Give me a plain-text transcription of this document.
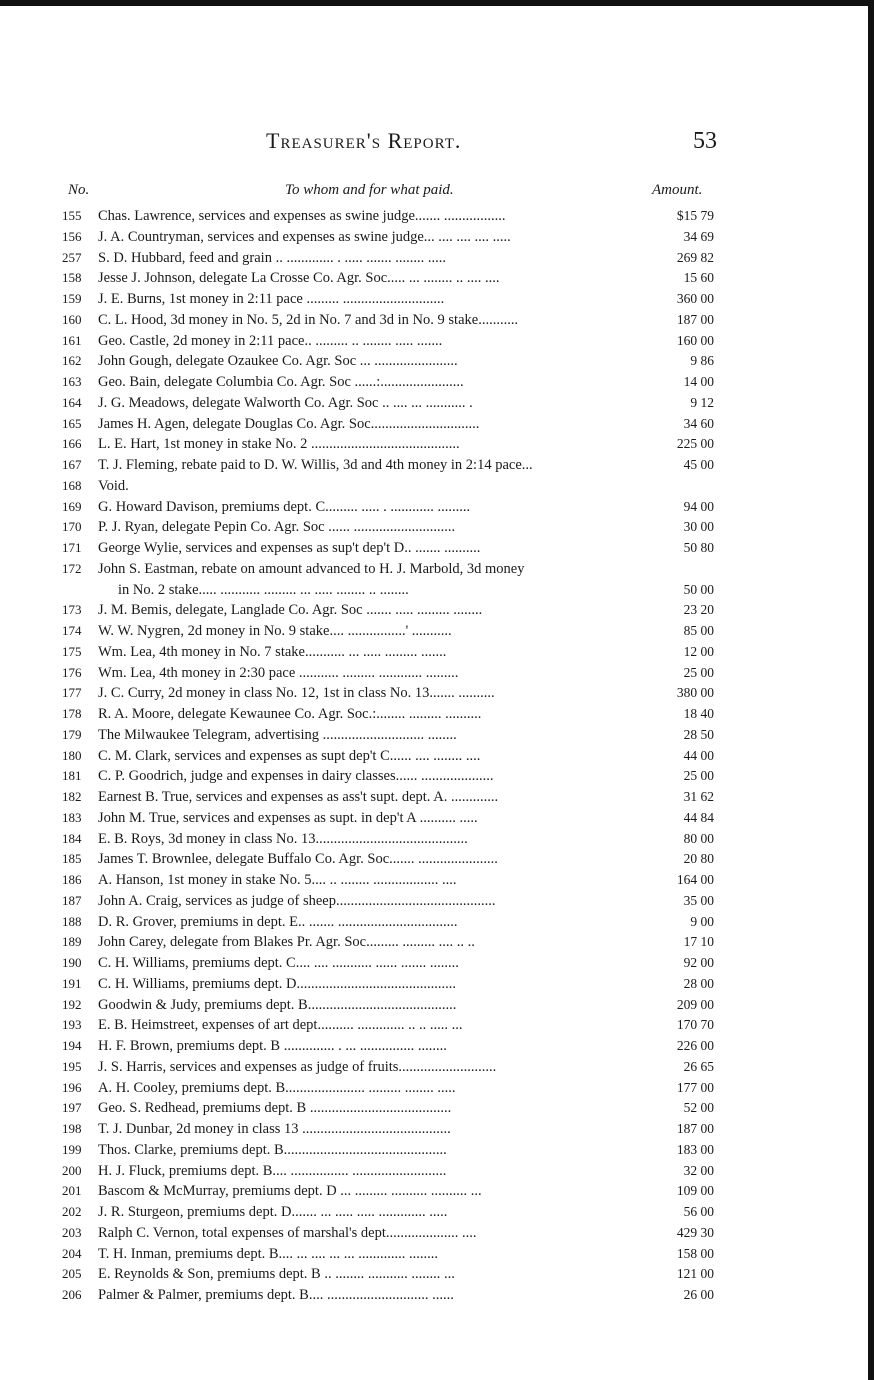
Treasurer's Report.	53
No.	To whom and for what paid.	Amount.
155	Chas. Lawrence, services and expenses as swine judge....... .................	$15 79
156	J. A. Countryman, services and expenses as swine judge... .... .... .... .....	34 69
257	S. D. Hubbard, feed and grain .. ............. . ..... ....... ........ .....	269 82
158	Jesse J. Johnson, delegate La Crosse Co. Agr. Soc..... ... ........ .. .... ....	15 60
159	J. E. Burns, 1st money in 2:11 pace ......... ............................	360 00
160	C. L. Hood, 3d money in No. 5, 2d in No. 7 and 3d in No. 9 stake...........	187 00
161	Geo. Castle, 2d money in 2:11 pace.. ......... .. ........ ..... .......	160 00
162	John Gough, delegate Ozaukee Co. Agr. Soc ... .......................	9 86
163	Geo. Bain, delegate Columbia Co. Agr. Soc ......:.......................	14 00
164	J. G. Meadows, delegate Walworth Co. Agr. Soc .. .... ... ........... .	9 12
165	James H. Agen, delegate Douglas Co. Agr. Soc..............................	34 60
166	L. E. Hart, 1st money in stake No. 2 .........................................	225 00
167	T. J. Fleming, rebate paid to D. W. Willis, 3d and 4th money in 2:14 pace...	45 00
168	Void.
169	G. Howard Davison, premiums dept. C......... ..... . ............ .........	94 00
170	P. J. Ryan, delegate Pepin Co. Agr. Soc ...... ............................	30 00
171	George Wylie, services and expenses as sup't dep't D.. ....... ..........	50 80
172	John S. Eastman, rebate on amount advanced to H. J. Marbold, 3d money
in No. 2 stake..... ........... ......... ... ..... ........ .. ........	50 00
173	J. M. Bemis, delegate, Langlade Co. Agr. Soc ....... ..... ......... ........	23 20
174	W. W. Nygren, 2d money in No. 9 stake.... ................' ...........	85 00
175	Wm. Lea, 4th money in No. 7 stake........... ... ..... ......... .......	12 00
176	Wm. Lea, 4th money in 2:30 pace ........... ......... ............ .........	25 00
177	J. C. Curry, 2d money in class No. 12, 1st in class No. 13....... ..........	380 00
178	R. A. Moore, delegate Kewaunee Co. Agr. Soc.:........ ......... ..........	18 40
179	The Milwaukee Telegram, advertising ............................ ........	28 50
180	C. M. Clark, services and expenses as supt dep't C...... .... ........ ....	44 00
181	C. P. Goodrich, judge and expenses in dairy classes...... ....................	25 00
182	Earnest B. True, services and expenses as ass't supt. dept. A. .............	31 62
183	John M. True, services and expenses as supt. in dep't A .......... .....	44 84
184	E. B. Roys, 3d money in class No. 13..........................................	80 00
185	James T. Brownlee, delegate Buffalo Co. Agr. Soc....... ......................	20 80
186	A. Hanson, 1st money in stake No. 5.... .. ........ .................. ....	164 00
187	John A. Craig, services as judge of sheep............................................	35 00
188	D. R. Grover, premiums in dept. E.. ....... .................................	9 00
189	John Carey, delegate from Blakes Pr. Agr. Soc......... ......... .... .. ..	17 10
190	C. H. Williams, premiums dept. C.... .... ........... ...... ....... ........	92 00
191	C. H. Williams, premiums dept. D............................................	28 00
192	Goodwin & Judy, premiums dept. B.........................................	209 00
193	E. B. Heimstreet, expenses of art dept.......... ............. .. .. ..... ...	170 70
194	H. F. Brown, premiums dept. B .............. . ... ............... ........	226 00
195	J. S. Harris, services and expenses as judge of fruits...........................	26 65
196	A. H. Cooley, premiums dept. B...................... ......... ........ .....	177 00
197	Geo. S. Redhead, premiums dept. B .......................................	52 00
198	T. J. Dunbar, 2d money in class 13 .........................................	187 00
199	Thos. Clarke, premiums dept. B.............................................	183 00
200	H. J. Fluck, premiums dept. B.... ................ ..........................	32 00
201	Bascom & McMurray, premiums dept. D ... ......... .......... .......... ...	109 00
202	J. R. Sturgeon, premiums dept. D....... ... ..... ..... ............. .....	56 00
203	Ralph C. Vernon, total expenses of marshal's dept.................... ....	429 30
204	T. H. Inman, premiums dept. B.... ... .... ... ... ............. ........	158 00
205	E. Reynolds & Son, premiums dept. B .. ........ ........... ........ ...	121 00
206	Palmer & Palmer, premiums dept. B.... ............................ ......	26 00
